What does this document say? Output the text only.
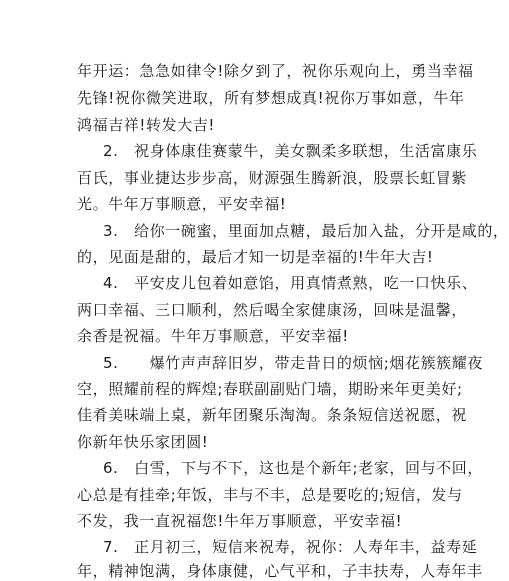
年开运：急急如律令!除夕到了，祝你乐观向上，勇当幸福
先锋!祝你微笑进取，所有梦想成真!祝你万事如意，牛年
鸿福吉祥!转发大吉!
2.　祝身体康佳赛蒙牛，美女飘柔多联想，生活富康乐
百氏，事业捷达步步高，财源强生腾新浪，股票长虹冒紫
光。牛年万事顺意，平安幸福!
3.　给你一碗蜜，里面加点糖，最后加入盐，分开是咸的，
的，见面是甜的，最后才知一切是幸福的!牛年大吉!
4.　平安皮儿包着如意馅，用真情煮熟，吃一口快乐、
两口幸福、三口顺利，然后喝全家健康汤，回味是温馨，
余香是祝福。牛年万事顺意，平安幸福!
5.　　爆竹声声辞旧岁，带走昔日的烦恼;烟花簇簇耀夜
空，照耀前程的辉煌;春联副副贴门墙，期盼来年更美好;
佳肴美味端上桌，新年团聚乐淘淘。条条短信送祝愿，祝
你新年快乐家团圆!
6.　白雪，下与不下，这也是个新年;老家，回与不回，
心总是有挂牵;年饭，丰与不丰，总是要吃的;短信，发与
不发，我一直祝福您!牛年万事顺意，平安幸福!
7.　正月初三，短信来祝寿，祝你：人寿年丰，益寿延
年，精神饱满，身体康健，心气平和，子丰扶寿，人寿年丰
